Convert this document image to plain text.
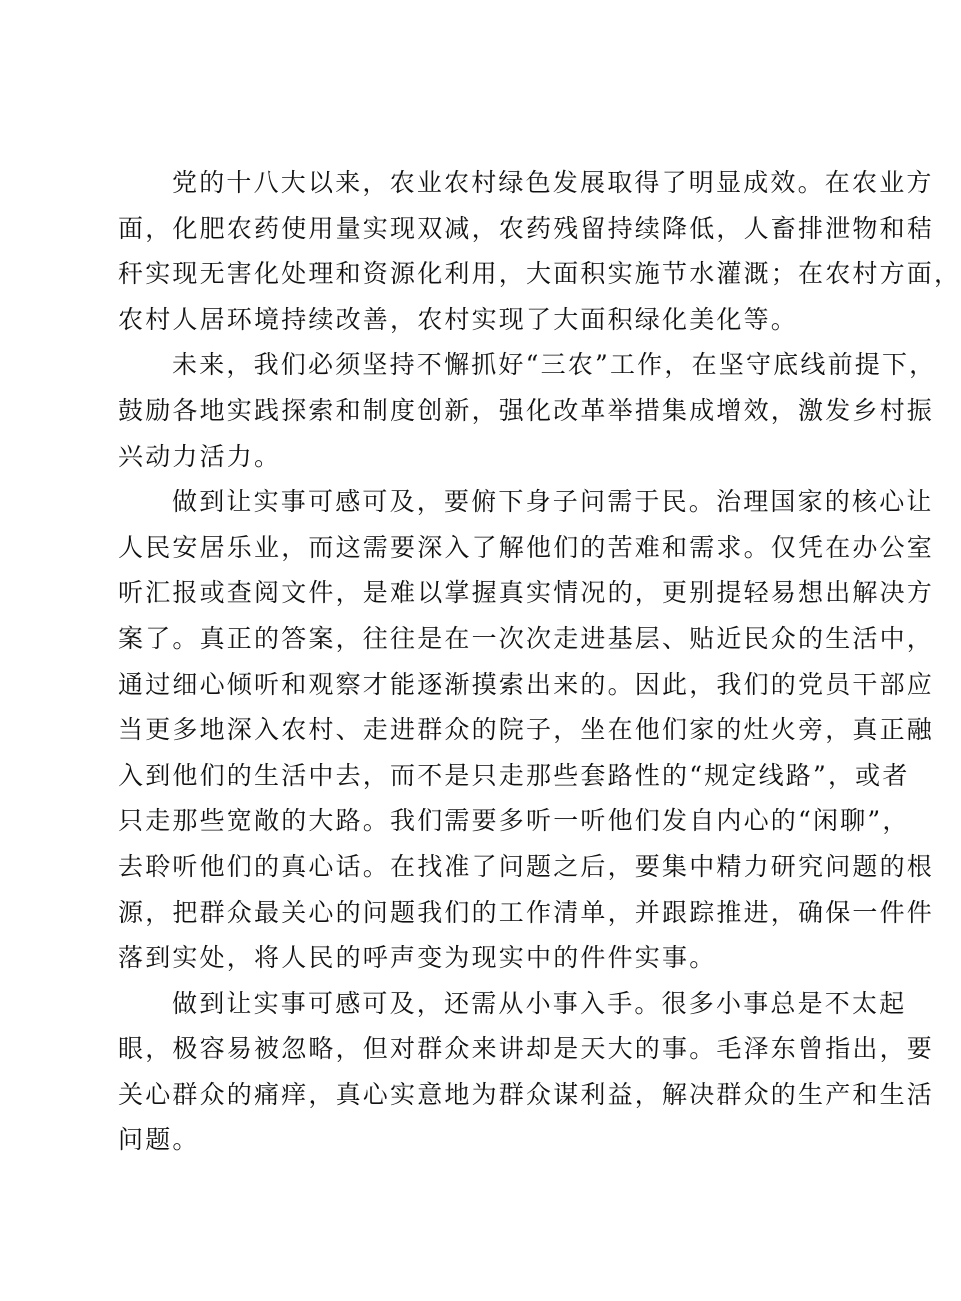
党的十八大以来，农业农村绿色发展取得了明显成效。在农业方
面，化肥农药使用量实现双减，农药残留持续降低，人畜排泄物和秸
秆实现无害化处理和资源化利用，大面积实施节水灌溉；在农村方面，
农村人居环境持续改善，农村实现了大面积绿化美化等。
未来，我们必须坚持不懈抓好“三农”工作，在坚守底线前提下，
鼓励各地实践探索和制度创新，强化改革举措集成增效，激发乡村振
兴动力活力。
做到让实事可感可及，要俯下身子问需于民。治理国家的核心让
人民安居乐业，而这需要深入了解他们的苦难和需求。仅凭在办公室
听汇报或查阅文件，是难以掌握真实情况的，更别提轻易想出解决方
案了。真正的答案，往往是在一次次走进基层、贴近民众的生活中，
通过细心倾听和观察才能逐渐摸索出来的。因此，我们的党员干部应
当更多地深入农村、走进群众的院子，坐在他们家的灶火旁，真正融
入到他们的生活中去，而不是只走那些套路性的“规定线路”，或者
只走那些宽敞的大路。我们需要多听一听他们发自内心的“闲聊”，
去聆听他们的真心话。在找准了问题之后，要集中精力研究问题的根
源，把群众最关心的问题我们的工作清单，并跟踪推进，确保一件件
落到实处，将人民的呼声变为现实中的件件实事。
做到让实事可感可及，还需从小事入手。很多小事总是不太起
眼，极容易被忽略，但对群众来讲却是天大的事。毛泽东曾指出，要
关心群众的痛痒，真心实意地为群众谋利益，解决群众的生产和生活
问题。
